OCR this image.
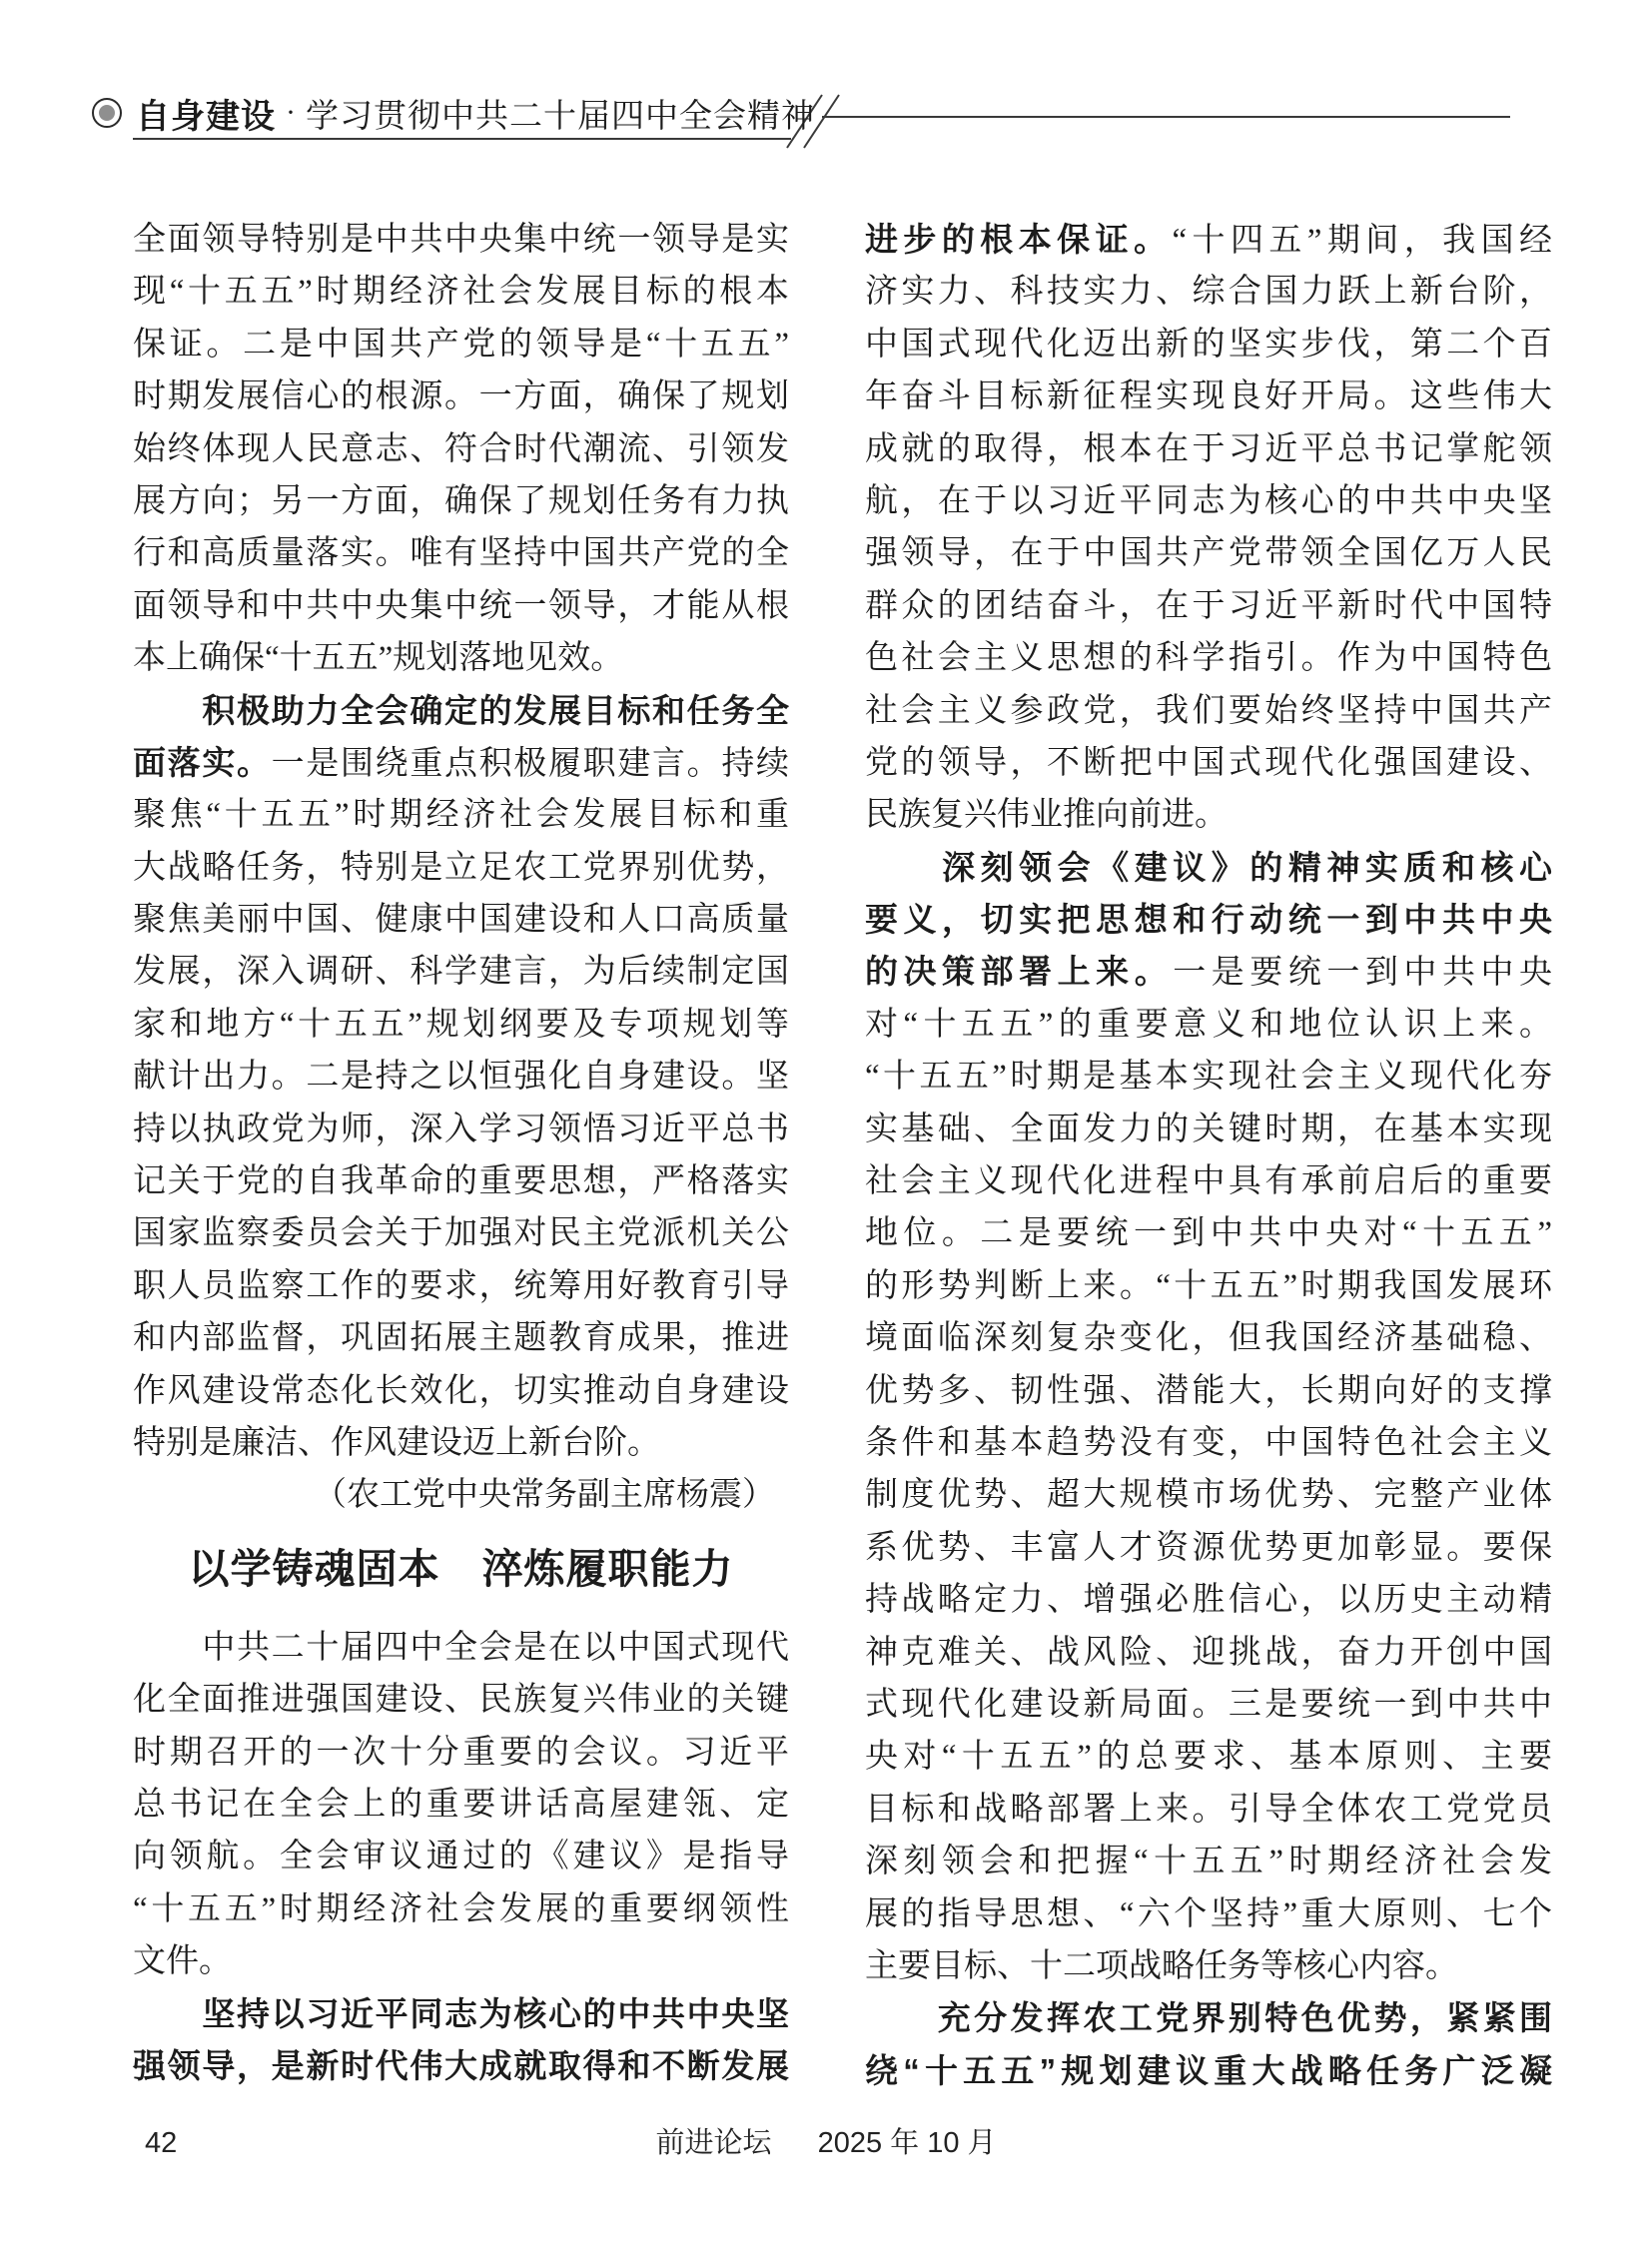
自身建设 · 学习贯彻中共二十届四中全会精神
全面领导特别是中共中央集中统一领导是实
现“十五五”时期经济社会发展目标的根本
保证。二是中国共产党的领导是“十五五”
时期发展信心的根源。一方面，确保了规划
始终体现人民意志、符合时代潮流、引领发
展方向；另一方面，确保了规划任务有力执
行和高质量落实。唯有坚持中国共产党的全
面领导和中共中央集中统一领导，才能从根
本上确保“十五五”规划落地见效。
　　积极助力全会确定的发展目标和任务全
面落实。一是围绕重点积极履职建言。持续
聚焦“十五五”时期经济社会发展目标和重
大战略任务，特别是立足农工党界别优势，
聚焦美丽中国、健康中国建设和人口高质量
发展，深入调研、科学建言，为后续制定国
家和地方“十五五”规划纲要及专项规划等
献计出力。二是持之以恒强化自身建设。坚
持以执政党为师，深入学习领悟习近平总书
记关于党的自我革命的重要思想，严格落实
国家监察委员会关于加强对民主党派机关公
职人员监察工作的要求，统筹用好教育引导
和内部监督，巩固拓展主题教育成果，推进
作风建设常态化长效化，切实推动自身建设
特别是廉洁、作风建设迈上新台阶。
（农工党中央常务副主席杨震）
以学铸魂固本　淬炼履职能力
　　中共二十届四中全会是在以中国式现代
化全面推进强国建设、民族复兴伟业的关键
时期召开的一次十分重要的会议。习近平
总书记在全会上的重要讲话高屋建瓴、定
向领航。全会审议通过的《建议》是指导
“十五五”时期经济社会发展的重要纲领性
文件。
　　坚持以习近平同志为核心的中共中央坚
强领导，是新时代伟大成就取得和不断发展
进步的根本保证。“十四五”期间，我国经
济实力、科技实力、综合国力跃上新台阶，
中国式现代化迈出新的坚实步伐，第二个百
年奋斗目标新征程实现良好开局。这些伟大
成就的取得，根本在于习近平总书记掌舵领
航，在于以习近平同志为核心的中共中央坚
强领导，在于中国共产党带领全国亿万人民
群众的团结奋斗，在于习近平新时代中国特
色社会主义思想的科学指引。作为中国特色
社会主义参政党，我们要始终坚持中国共产
党的领导，不断把中国式现代化强国建设、
民族复兴伟业推向前进。
　　深刻领会《建议》的精神实质和核心
要义，切实把思想和行动统一到中共中央
的决策部署上来。一是要统一到中共中央
对“十五五”的重要意义和地位认识上来。
“十五五”时期是基本实现社会主义现代化夯
实基础、全面发力的关键时期，在基本实现
社会主义现代化进程中具有承前启后的重要
地位。二是要统一到中共中央对“十五五”
的形势判断上来。“十五五”时期我国发展环
境面临深刻复杂变化，但我国经济基础稳、
优势多、韧性强、潜能大，长期向好的支撑
条件和基本趋势没有变，中国特色社会主义
制度优势、超大规模市场优势、完整产业体
系优势、丰富人才资源优势更加彰显。要保
持战略定力、增强必胜信心，以历史主动精
神克难关、战风险、迎挑战，奋力开创中国
式现代化建设新局面。三是要统一到中共中
央对“十五五”的总要求、基本原则、主要
目标和战略部署上来。引导全体农工党党员
深刻领会和把握“十五五”时期经济社会发
展的指导思想、“六个坚持”重大原则、七个
主要目标、十二项战略任务等核心内容。
　　充分发挥农工党界别特色优势，紧紧围
绕“十五五”规划建议重大战略任务广泛凝
42	前进论坛 2025 年 10 月
